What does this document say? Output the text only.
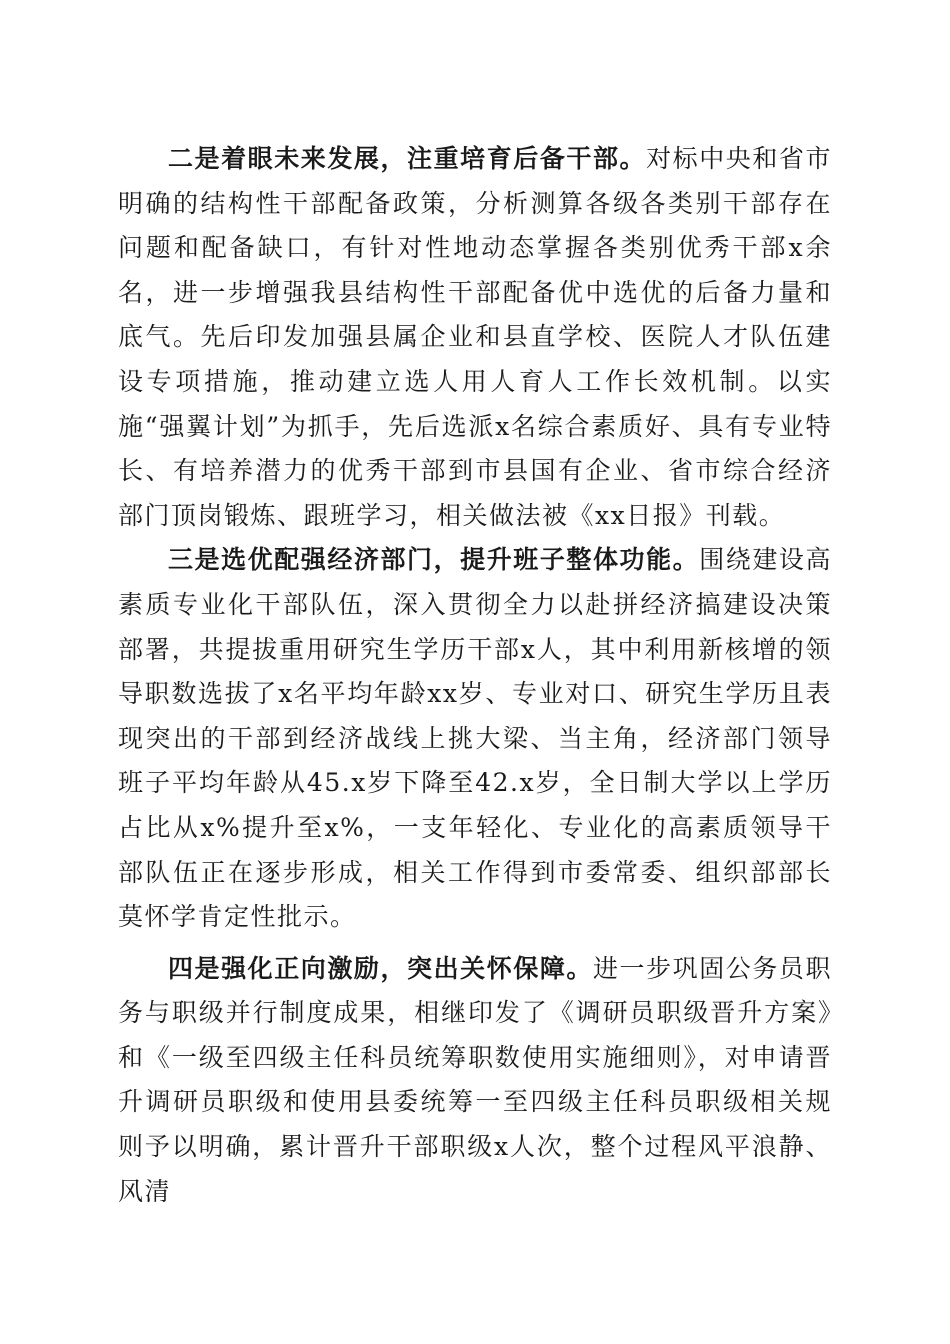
二是着眼未来发展，注重培育后备干部。对标中央和省市明确的结构性干部配备政策，分析测算各级各类别干部存在问题和配备缺口，有针对性地动态掌握各类别优秀干部x余名，进一步增强我县结构性干部配备优中选优的后备力量和底气。先后印发加强县属企业和县直学校、医院人才队伍建设专项措施，推动建立选人用人育人工作长效机制。以实施“强翼计划”为抓手，先后选派x名综合素质好、具有专业特长、有培养潜力的优秀干部到市县国有企业、省市综合经济部门顶岗锻炼、跟班学习，相关做法被《xx日报》刊载。

三是选优配强经济部门，提升班子整体功能。围绕建设高素质专业化干部队伍，深入贯彻全力以赴拼经济搞建设决策部署，共提拔重用研究生学历干部x人，其中利用新核增的领导职数选拔了x名平均年龄xx岁、专业对口、研究生学历且表现突出的干部到经济战线上挑大梁、当主角，经济部门领导班子平均年龄从45.x岁下降至42.x岁，全日制大学以上学历占比从x%提升至x%，一支年轻化、专业化的高素质领导干部队伍正在逐步形成，相关工作得到市委常委、组织部部长莫怀学肯定性批示。

四是强化正向激励，突出关怀保障。进一步巩固公务员职务与职级并行制度成果，相继印发了《调研员职级晋升方案》和《一级至四级主任科员统筹职数使用实施细则》，对申请晋升调研员职级和使用县委统筹一至四级主任科员职级相关规则予以明确，累计晋升干部职级x人次，整个过程风平浪静、风清
